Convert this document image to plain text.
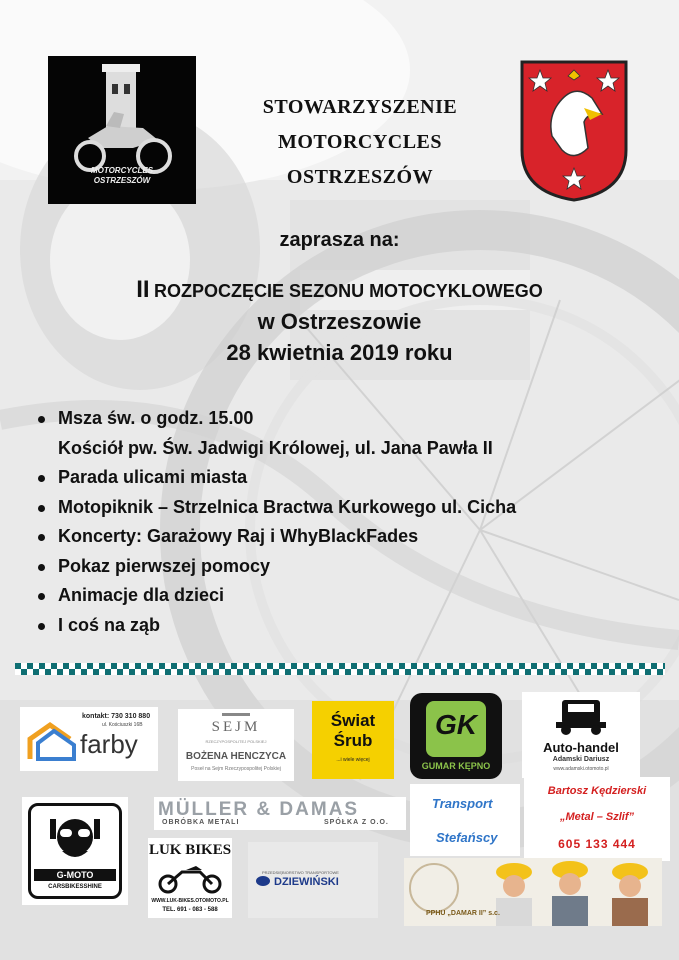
MOTORCYCLES
OSTRZESZÓW
STOWARZYSZENIE
MOTORCYCLES
OSTRZESZÓW
zaprasza na:
II ROZPOCZĘCIE SEZONU MOTOCYKLOWEGO
w Ostrzeszowie
28 kwietnia 2019 roku
Msza św. o godz. 15.00
Kościół pw. Św. Jadwigi Królowej, ul. Jana Pawła II
Parada ulicami miasta
Motopiknik – Strzelnica Bractwa Kurkowego ul. Cicha
Koncerty: Garażowy Raj i WhyBlackFades
Pokaz pierwszej pomocy
Animacje dla dzieci
I coś na ząb
kontakt: 730 310 880
ul. Kościuszki 16B
farby
SEJM
RZECZYPOSPOLITEJ POLSKIEJ
BOŻENA HENCZYCA
Poseł na Sejm Rzeczypospolitej Polskiej
Świat
Śrub
...i wiele więcej
GK
GUMAR KĘPNO
Auto-handel
Adamski Dariusz
www.adamski.otomoto.pl
G-MOTO
CARSBIKESSHINE
LUK BIKES
WWW.LUK-BIKES.OTOMOTO.PL
TEL. 691 - 083 - 588
MÜLLER & DAMAS
OBRÓBKA METALI	SPÓŁKA Z O.O.
PRZEDSIĘBIORSTWO TRANSPORTOWE
DZIEWIŃSKI
Transport
Stefańscy
Bartosz Kędzierski
„Metal – Szlif”
605 133 444
PPHU „DAMAR II” s.c.
